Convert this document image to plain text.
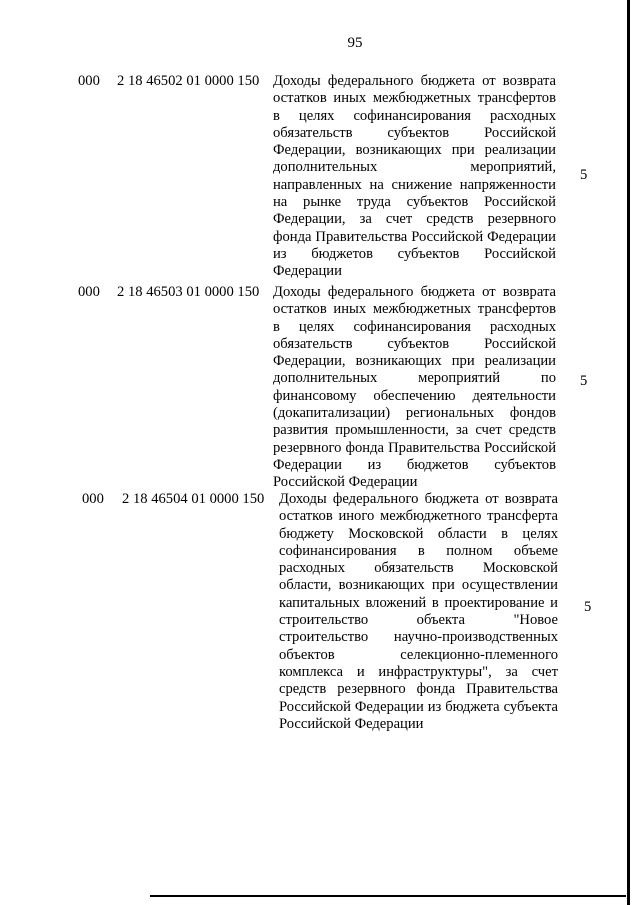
95
000 2 18 46502 01 0000 150 Доходы федерального бюджета от возврата остатков иных межбюджетных трансфертов в целях софинансирования расходных обязательств субъектов Российской Федерации, возникающих при реализации дополнительных мероприятий, направленных на снижение напряженности на рынке труда субъектов Российской Федерации, за счет средств резервного фонда Правительства Российской Федерации из бюджетов субъектов Российской Федерации
5
000 2 18 46503 01 0000 150 Доходы федерального бюджета от возврата остатков иных межбюджетных трансфертов в целях софинансирования расходных обязательств субъектов Российской Федерации, возникающих при реализации дополнительных мероприятий по финансовому обеспечению деятельности (докапитализации) региональных фондов развития промышленности, за счет средств резервного фонда Правительства Российской Федерации из бюджетов субъектов Российской Федерации
5
000 2 18 46504 01 0000 150 Доходы федерального бюджета от возврата остатков иного межбюджетного трансферта бюджету Московской области в целях софинансирования в полном объеме расходных обязательств Московской области, возникающих при осуществлении капитальных вложений в проектирование и строительство объекта "Новое строительство научно-производственных объектов селекционно-племенного комплекса и инфраструктуры", за счет средств резервного фонда Правительства Российской Федерации из бюджета субъекта Российской Федерации
5
